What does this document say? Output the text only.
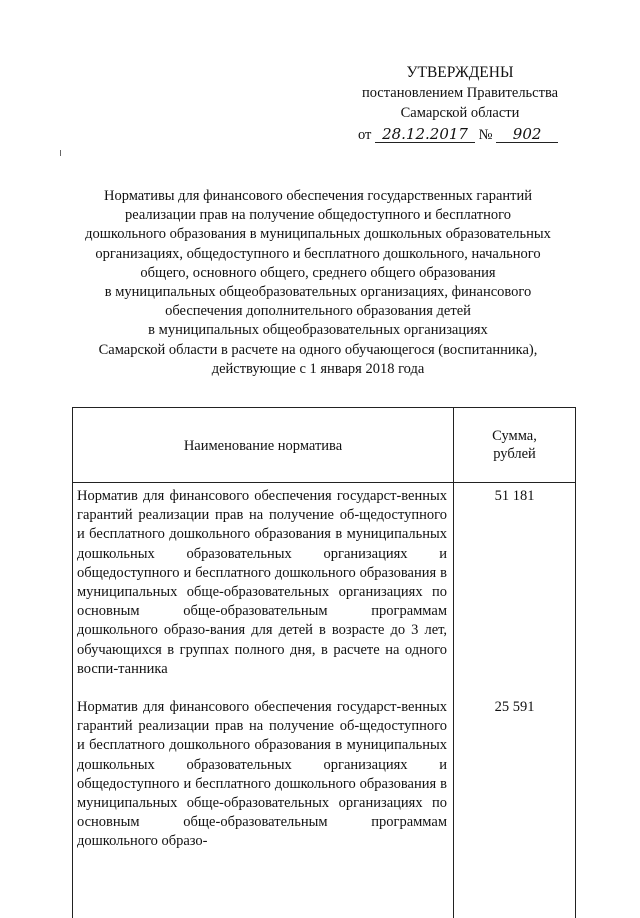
УТВЕРЖДЕНЫ
постановлением Правительства
Самарской области
от 28.12.2017 № 902
Нормативы для финансового обеспечения государственных гарантий
реализации прав на получение общедоступного и бесплатного
дошкольного образования в муниципальных дошкольных образовательных
организациях, общедоступного и бесплатного дошкольного, начального
общего, основного общего, среднего общего образования
в муниципальных общеобразовательных организациях, финансового
обеспечения дополнительного образования детей
в муниципальных общеобразовательных организациях
Самарской области в расчете на одного обучающегося (воспитанника),
действующие с 1 января 2018 года
Наименование норматива
Сумма,
рублей
Норматив для финансового обеспечения государст-венных гарантий реализации прав на получение об-щедоступного и бесплатного дошкольного образования в муниципальных дошкольных образовательных организациях и общедоступного и бесплатного дошкольного образования в муниципальных обще-образовательных организациях по основным обще-образовательным программам дошкольного образо-вания для детей в возрасте до 3 лет, обучающихся в группах полного дня, в расчете на одного воспи-танника
51 181
Норматив для финансового обеспечения государст-венных гарантий реализации прав на получение об-щедоступного и бесплатного дошкольного образования в муниципальных дошкольных образовательных организациях и общедоступного и бесплатного дошкольного образования в муниципальных обще-образовательных организациях по основным обще-образовательным программам дошкольного образо-
25 591
